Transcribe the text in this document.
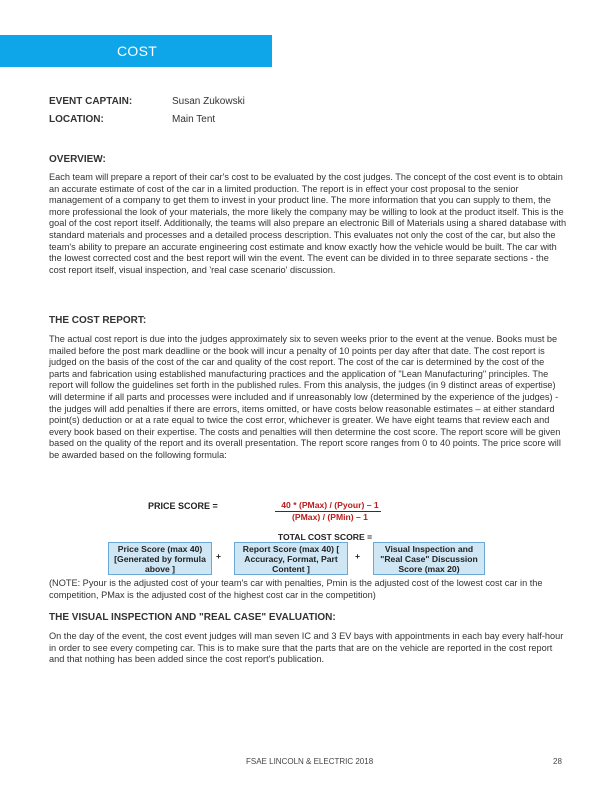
COST
EVENT CAPTAIN:	Susan Zukowski
LOCATION:	Main Tent
OVERVIEW:

Each team will prepare a report of their car's cost to be evaluated by the cost judges. The concept of the cost event is to obtain an accurate estimate of cost of the car in a limited production. The report is in effect your cost proposal to the senior management of a company to get them to invest in your product line. The more information that you can supply to them, the more professional the look of your materials, the more likely the company may be willing to look at the product itself. This is the goal of the cost report itself. Additionally, the teams will also prepare an electronic Bill of Materials using a shared database with standard materials and processes and a detailed process description. This evaluates not only the cost of the car, but also the team's ability to prepare an accurate engineering cost estimate and know exactly how the vehicle would be built. The car with the lowest corrected cost and the best report will win the event. The event can be divided in to three separate sections - the cost report itself, visual inspection, and 'real case scenario' discussion.

THE COST REPORT:

The actual cost report is due into the judges approximately six to seven weeks prior to the event at the venue. Books must be mailed before the post mark deadline or the book will incur a penalty of 10 points per day after that date. The cost report is judged on the basis of the cost of the car and quality of the cost report. The cost of the car is determined by the cost of the parts and fabrication using established manufacturing practices and the application of "Lean Manufacturing" principles. The report will follow the guidelines set forth in the published rules. From this analysis, the judges (in 9 distinct areas of expertise) will determine if all parts and processes were included and if unreasonably low (determined by the experience of the judges) - the judges will add penalties if there are errors, items omitted, or have costs below reasonable estimates – at either standard point(s) deduction or at a rate equal to twice the cost error, whichever is greater. We have eight teams that review each and every book based on their expertise. The costs and penalties will then determine the cost score. The report score will be given based on the quality of the report and its overall presentation. The report score ranges from 0 to 40 points. The price score will be awarded based on the following formula:

PRICE SCORE =	40 * (PMax) / (Pyour) – 1
(PMax) / (PMin) – 1
TOTAL COST SCORE =
Price Score (max 40) [Generated by formula above ]
+
Report Score (max 40) [ Accuracy, Format, Part Content ]
+
Visual Inspection and "Real Case" Discussion Score (max 20)

(NOTE: Pyour is the adjusted cost of your team's car with penalties, Pmin is the adjusted cost of the lowest cost car in the competition, PMax is the adjusted cost of the highest cost car in the competition)

THE VISUAL INSPECTION AND "REAL CASE" EVALUATION:

On the day of the event, the cost event judges will man seven IC and 3 EV bays with appointments in each bay every half-hour in order to see every competing car. This is to make sure that the parts that are on the vehicle are reported in the cost report and that nothing has been added since the cost report's publication.

FSAE LINCOLN & ELECTRIC 2018	28
